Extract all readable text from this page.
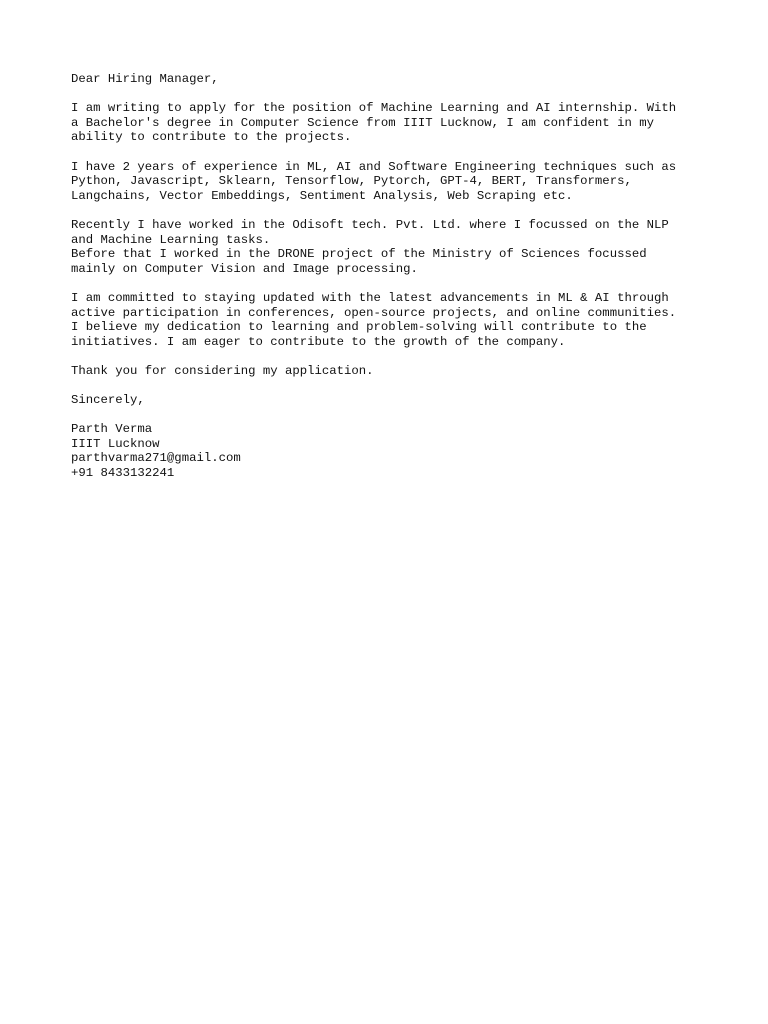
Dear Hiring Manager,
I am writing to apply for the position of Machine Learning and AI internship. With
a Bachelor's degree in Computer Science from IIIT Lucknow, I am confident in my
ability to contribute to the projects.
I have 2 years of experience in ML, AI and Software Engineering techniques such as
Python, Javascript, Sklearn, Tensorflow, Pytorch, GPT-4, BERT, Transformers,
Langchains, Vector Embeddings, Sentiment Analysis, Web Scraping etc.
Recently I have worked in the Odisoft tech. Pvt. Ltd. where I focussed on the NLP
and Machine Learning tasks.
Before that I worked in the DRONE project of the Ministry of Sciences focussed
mainly on Computer Vision and Image processing.
I am committed to staying updated with the latest advancements in ML & AI through
active participation in conferences, open-source projects, and online communities.
I believe my dedication to learning and problem-solving will contribute to the
initiatives. I am eager to contribute to the growth of the company.
Thank you for considering my application.
Sincerely,
Parth Verma
IIIT Lucknow
parthvarma271@gmail.com
+91 8433132241
